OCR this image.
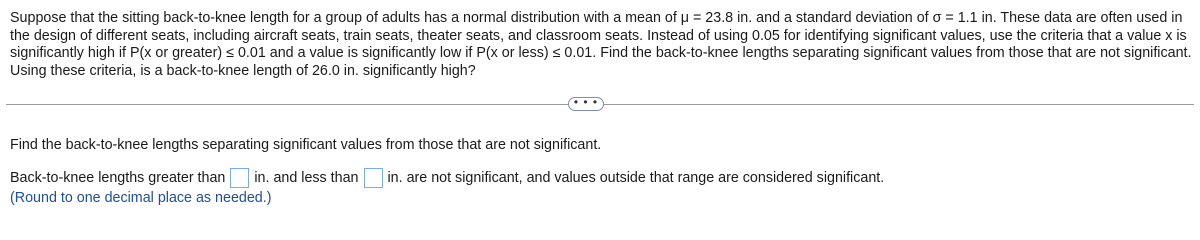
Suppose that the sitting back-to-knee length for a group of adults has a normal distribution with a mean of μ = 23.8 in. and a standard deviation of σ = 1.1 in. These data are often used in the design of different seats, including aircraft seats, train seats, theater seats, and classroom seats. Instead of using 0.05 for identifying significant values, use the criteria that a value x is significantly high if P(x or greater) ≤ 0.01 and a value is significantly low if P(x or less) ≤ 0.01. Find the back-to-knee lengths separating significant values from those that are not significant. Using these criteria, is a back-to-knee length of 26.0 in. significantly high?

• • •
Find the back-to-knee lengths separating significant values from those that are not significant.
Back-to-knee lengths greater than in. and less than in. are not significant, and values outside that range are considered significant.
(Round to one decimal place as needed.)
